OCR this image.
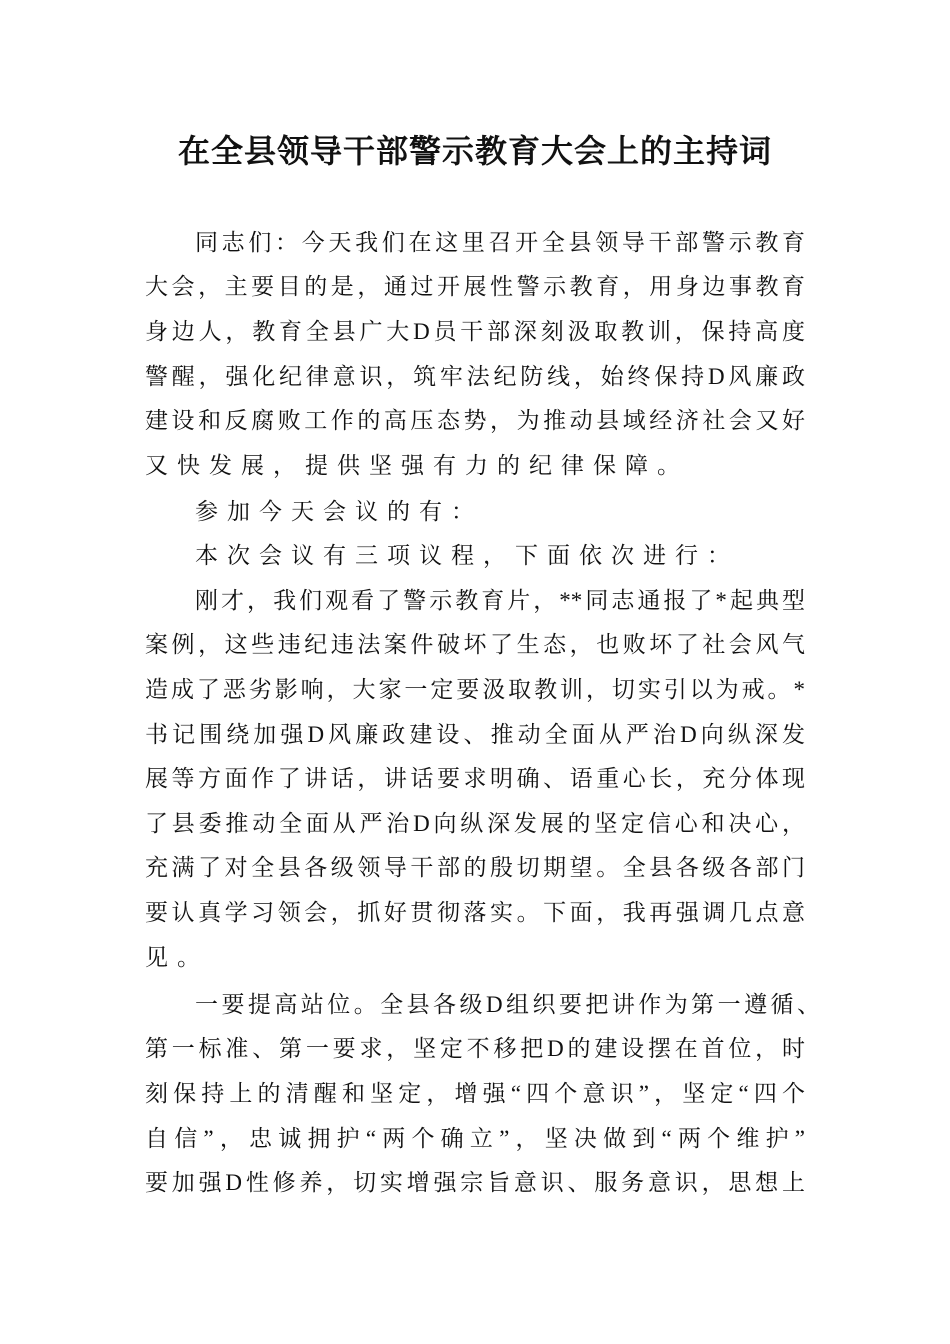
在全县领导干部警示教育大会上的主持词
同志们：今天我们在这里召开全县领导干部警示教育
大会，主要目的是，通过开展性警示教育，用身边事教育
身边人，教育全县广大D员干部深刻汲取教训，保持高度
警醒，强化纪律意识，筑牢法纪防线，始终保持D风廉政
建设和反腐败工作的高压态势，为推动县域经济社会又好
又快发展，提供坚强有力的纪律保障。
参加今天会议的有：
本次会议有三项议程，下面依次进行：
刚才，我们观看了警示教育片，**同志通报了*起典型
案例，这些违纪违法案件破坏了生态，也败坏了社会风气
造成了恶劣影响，大家一定要汲取教训，切实引以为戒。*
书记围绕加强D风廉政建设、推动全面从严治D向纵深发
展等方面作了讲话，讲话要求明确、语重心长，充分体现
了县委推动全面从严治D向纵深发展的坚定信心和决心，
充满了对全县各级领导干部的殷切期望。全县各级各部门
要认真学习领会，抓好贯彻落实。下面，我再强调几点意
见。
一要提高站位。全县各级D组织要把讲作为第一遵循、
第一标准、第一要求，坚定不移把D的建设摆在首位，时
刻保持上的清醒和坚定，增强“四个意识”，坚定“四个
自信”，忠诚拥护“两个确立”，坚决做到“两个维护”
要加强D性修养，切实增强宗旨意识、服务意识，思想上
